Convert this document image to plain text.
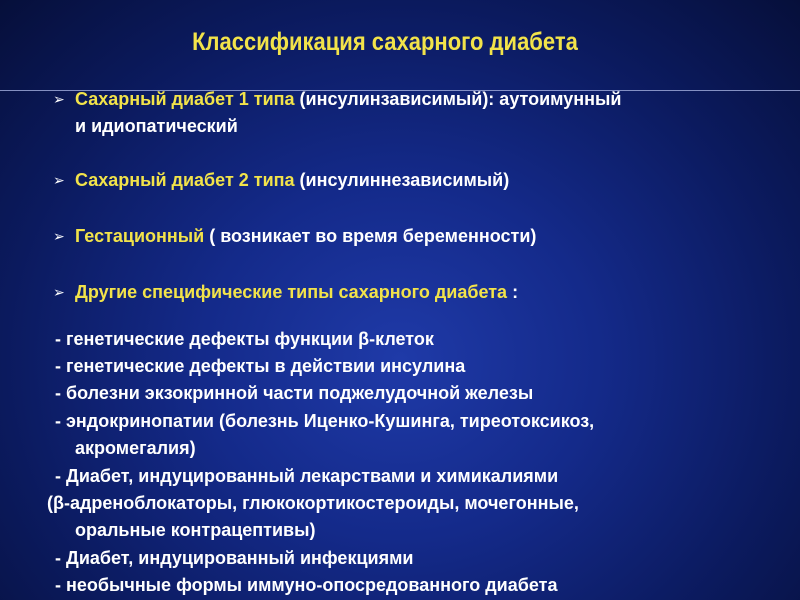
Классификация сахарного диабета
➢ Сахарный диабет 1 типа (инсулинзависимый): аутоимунный
и идиопатический
➢ Сахарный диабет 2 типа (инсулиннезависимый)
➢ Гестационный ( возникает во время беременности)
➢ Другие специфические типы сахарного диабета :
- генетические дефекты функции β-клеток
- генетические дефекты в действии инсулина
- болезни экзокринной части поджелудочной железы
- эндокринопатии (болезнь Иценко-Кушинга, тиреотоксикоз,
акромегалия)
- Диабет, индуцированный лекарствами и химикалиями
(β-адреноблокаторы, глюкокортикостероиды, мочегонные,
оральные контрацептивы)
- Диабет, индуцированный инфекциями
- необычные формы иммуно-опосредованного диабета
